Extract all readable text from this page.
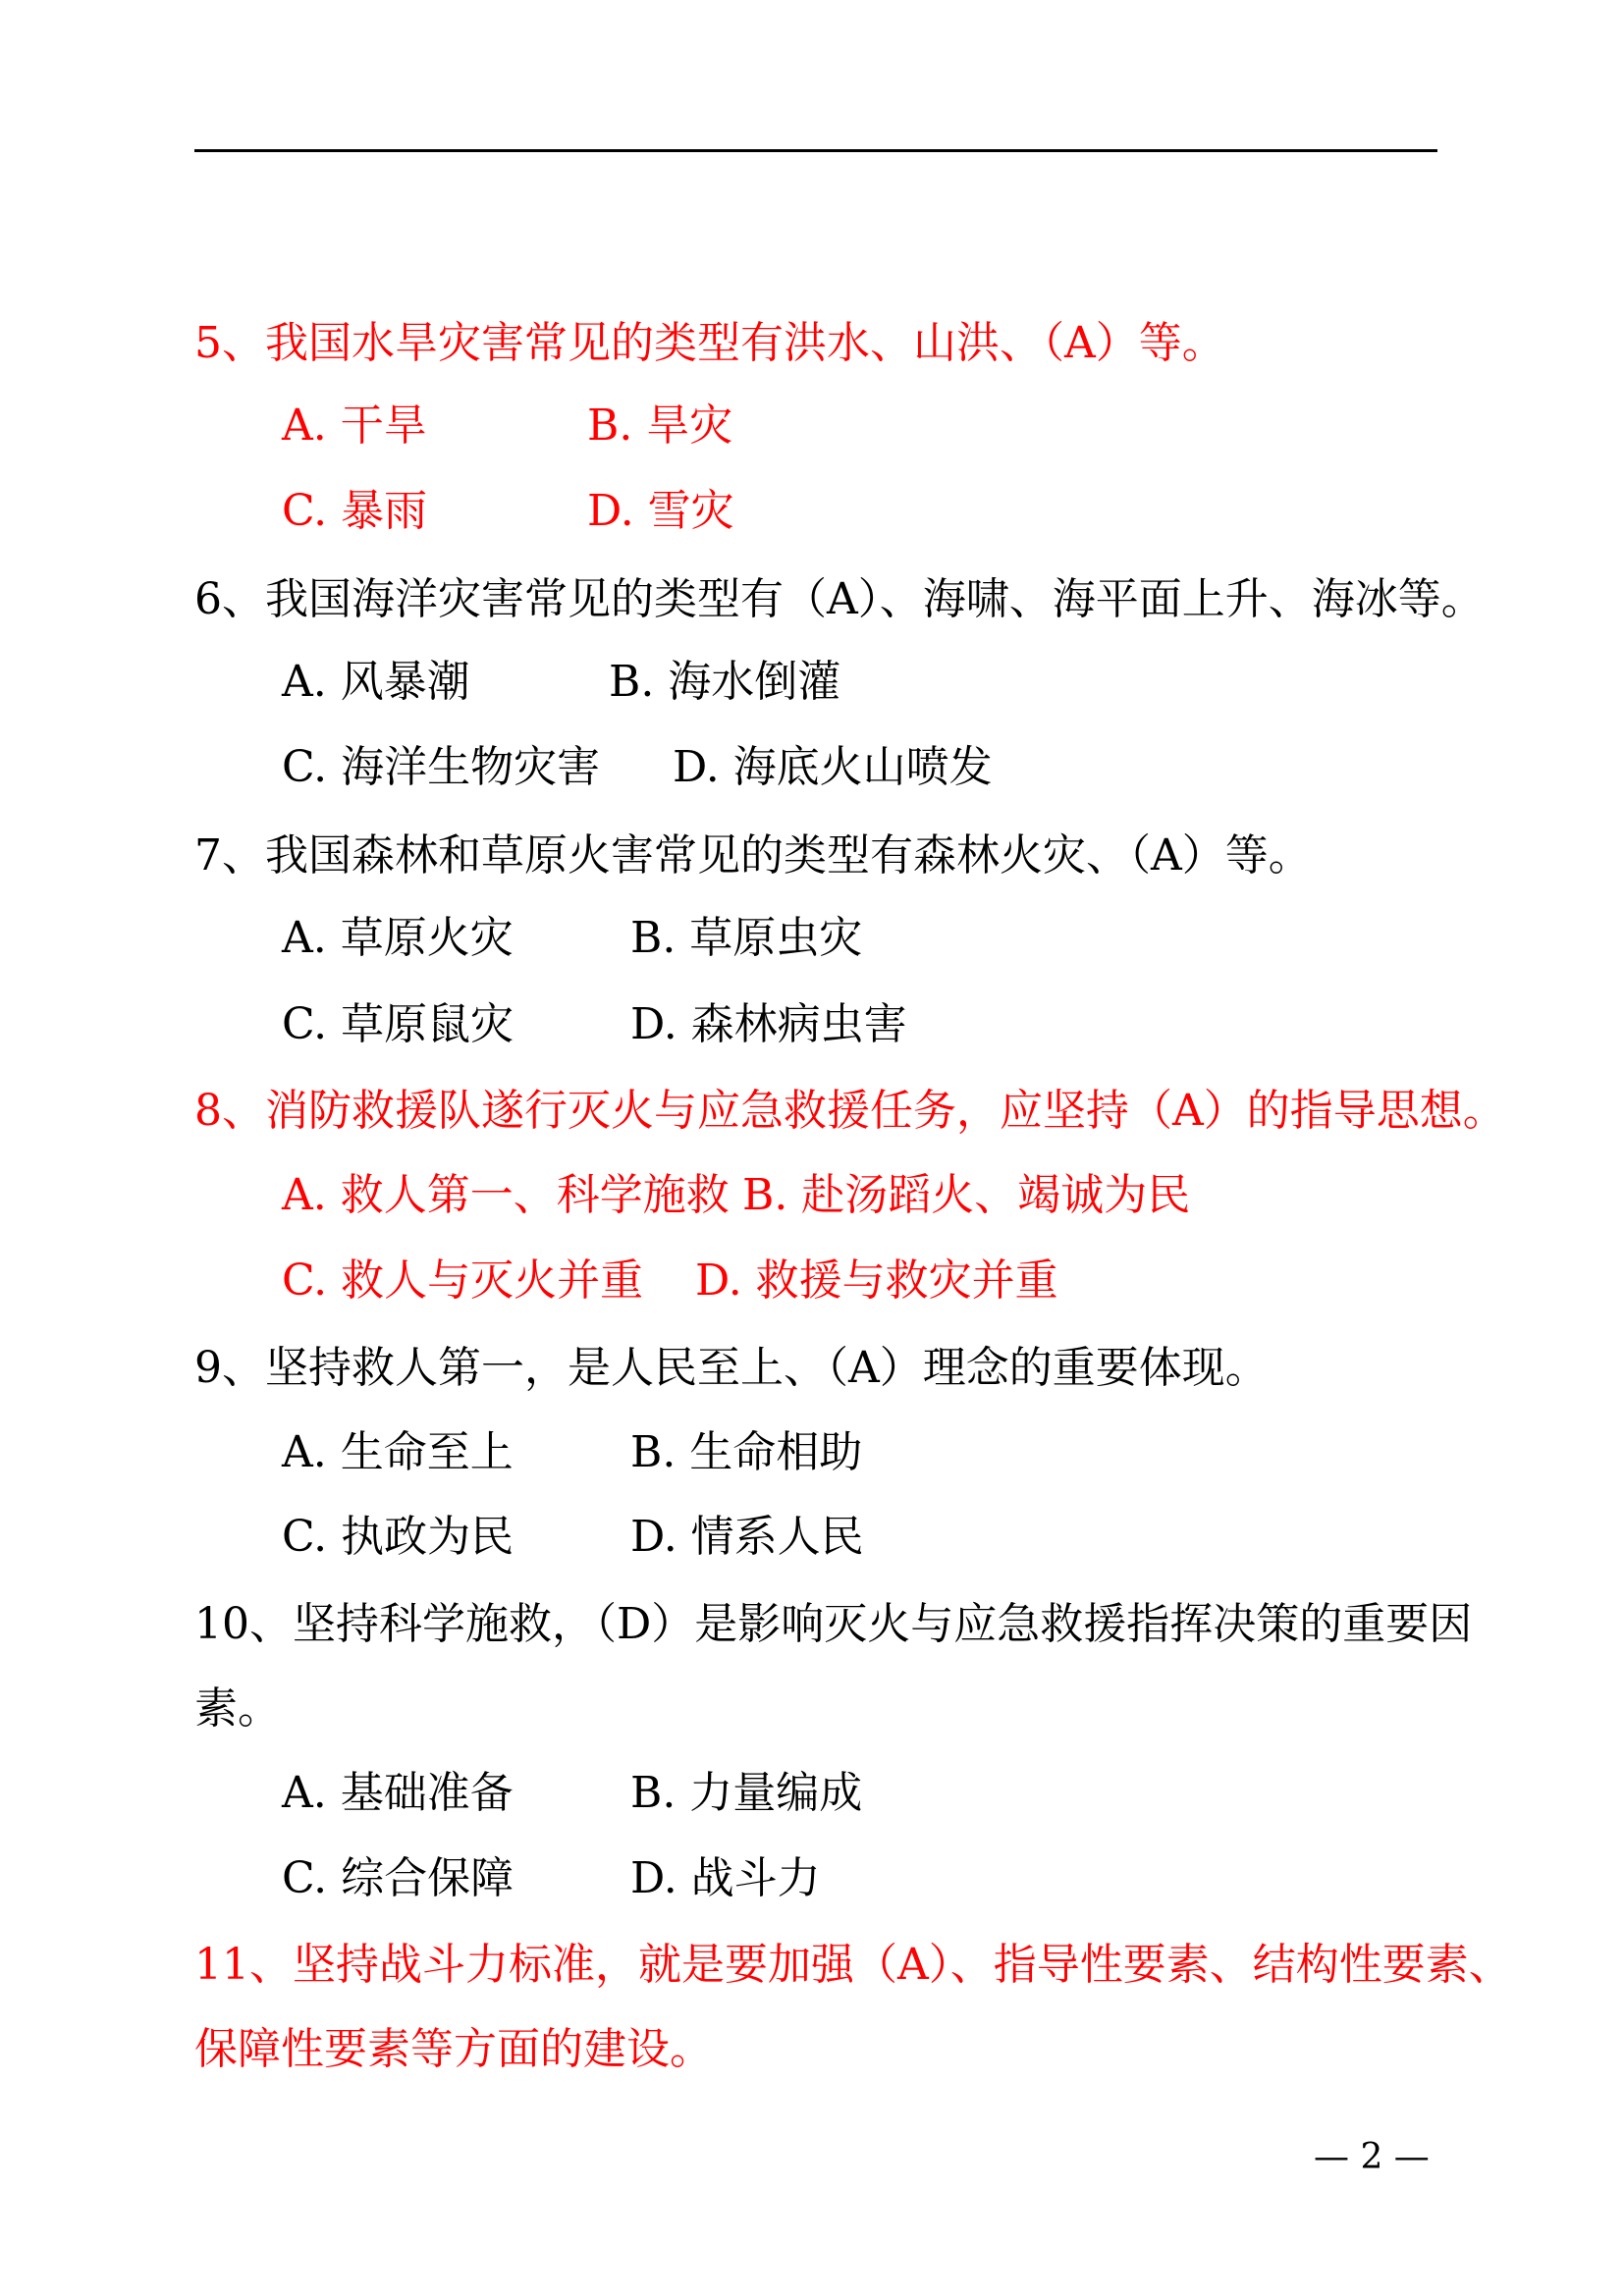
5、我国水旱灾害常见的类型有洪水、山洪、（A）等。
A. 干旱	B. 旱灾
C. 暴雨	D. 雪灾
6、我国海洋灾害常见的类型有（A）、海啸、海平面上升、海冰等。
A. 风暴潮	B. 海水倒灌
C. 海洋生物灾害 D. 海底火山喷发
7、我国森林和草原火害常见的类型有森林火灾、（A）等。
A. 草原火灾	B. 草原虫灾
C. 草原鼠灾	D. 森林病虫害
8、消防救援队遂行灭火与应急救援任务，应坚持（A）的指导思想。
A. 救人第一、科学施救 B. 赴汤蹈火、竭诚为民
C. 救人与灭火并重 D. 救援与救灾并重
9、坚持救人第一，是人民至上、（A）理念的重要体现。
A. 生命至上	B. 生命相助
C. 执政为民	D. 情系人民
10、坚持科学施救，（D）是影响灭火与应急救援指挥决策的重要因
素。
A. 基础准备	B. 力量编成
C. 综合保障	D. 战斗力
11、坚持战斗力标准，就是要加强（A）、指导性要素、结构性要素、
保障性要素等方面的建设。
— 2 —
